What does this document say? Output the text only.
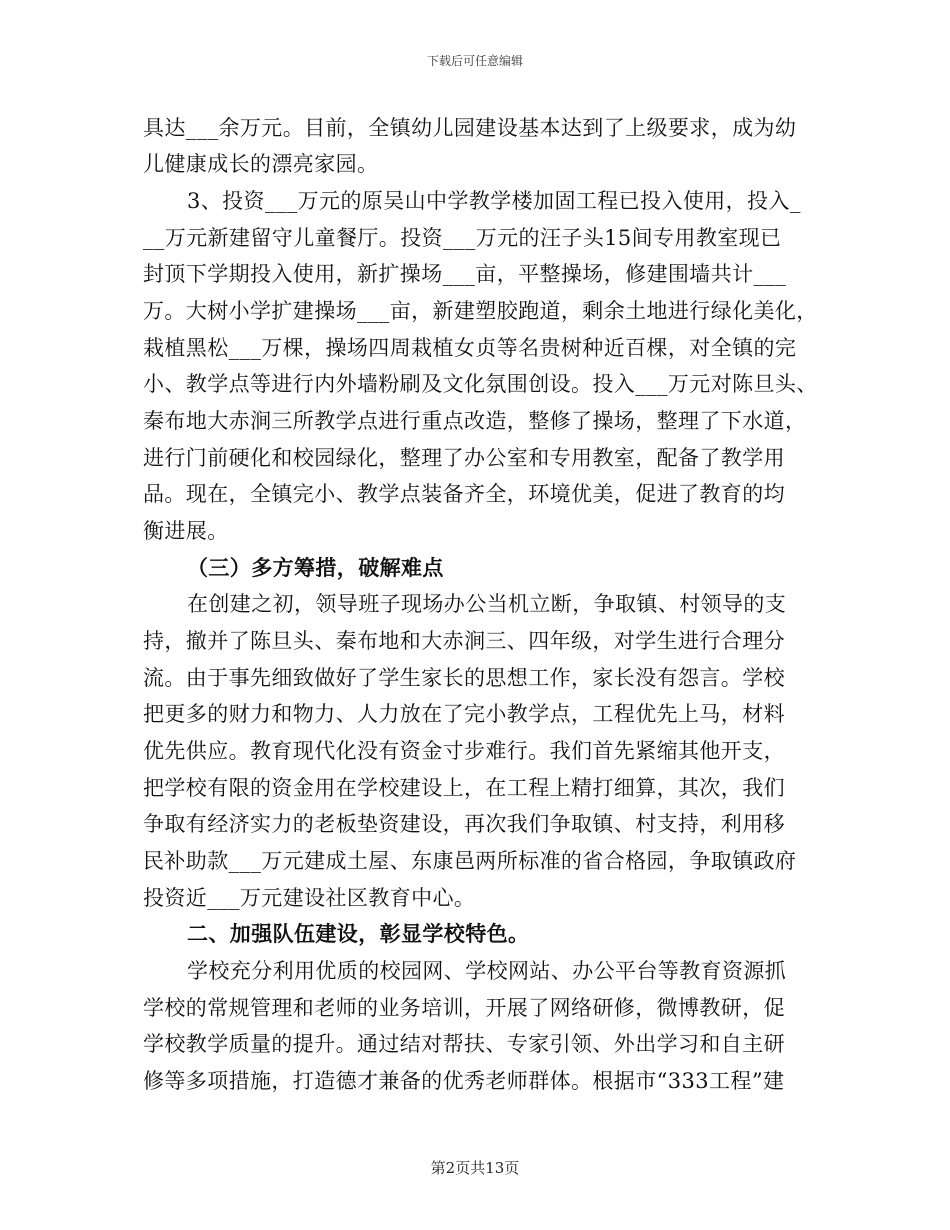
下载后可任意编辑
具达___余万元。目前，全镇幼儿园建设基本达到了上级要求，成为幼
儿健康成长的漂亮家园。
3、投资___万元的原吴山中学教学楼加固工程已投入使用，投入_
__万元新建留守儿童餐厅。投资___万元的汪子头15间专用教室现已
封顶下学期投入使用，新扩操场___亩，平整操场，修建围墙共计___
万。大树小学扩建操场___亩，新建塑胶跑道，剩余土地进行绿化美化，
栽植黑松___万棵，操场四周栽植女贞等名贵树种近百棵，对全镇的完
小、教学点等进行内外墙粉刷及文化氛围创设。投入___万元对陈旦头、
秦布地大赤涧三所教学点进行重点改造，整修了操场，整理了下水道，
进行门前硬化和校园绿化，整理了办公室和专用教室，配备了教学用
品。现在，全镇完小、教学点装备齐全，环境优美，促进了教育的均
衡进展。
（三）多方筹措，破解难点
在创建之初，领导班子现场办公当机立断，争取镇、村领导的支
持，撤并了陈旦头、秦布地和大赤涧三、四年级，对学生进行合理分
流。由于事先细致做好了学生家长的思想工作，家长没有怨言。学校
把更多的财力和物力、人力放在了完小教学点，工程优先上马，材料
优先供应。教育现代化没有资金寸步难行。我们首先紧缩其他开支，
把学校有限的资金用在学校建设上，在工程上精打细算，其次，我们
争取有经济实力的老板垫资建设，再次我们争取镇、村支持，利用移
民补助款___万元建成土屋、东康邑两所标准的省合格园，争取镇政府
投资近___万元建设社区教育中心。
二、加强队伍建设，彰显学校特色。
学校充分利用优质的校园网、学校网站、办公平台等教育资源抓
学校的常规管理和老师的业务培训，开展了网络研修，微博教研，促
学校教学质量的提升。通过结对帮扶、专家引领、外出学习和自主研
修等多项措施，打造德才兼备的优秀老师群体。根据市“333工程”建
第2页共13页
